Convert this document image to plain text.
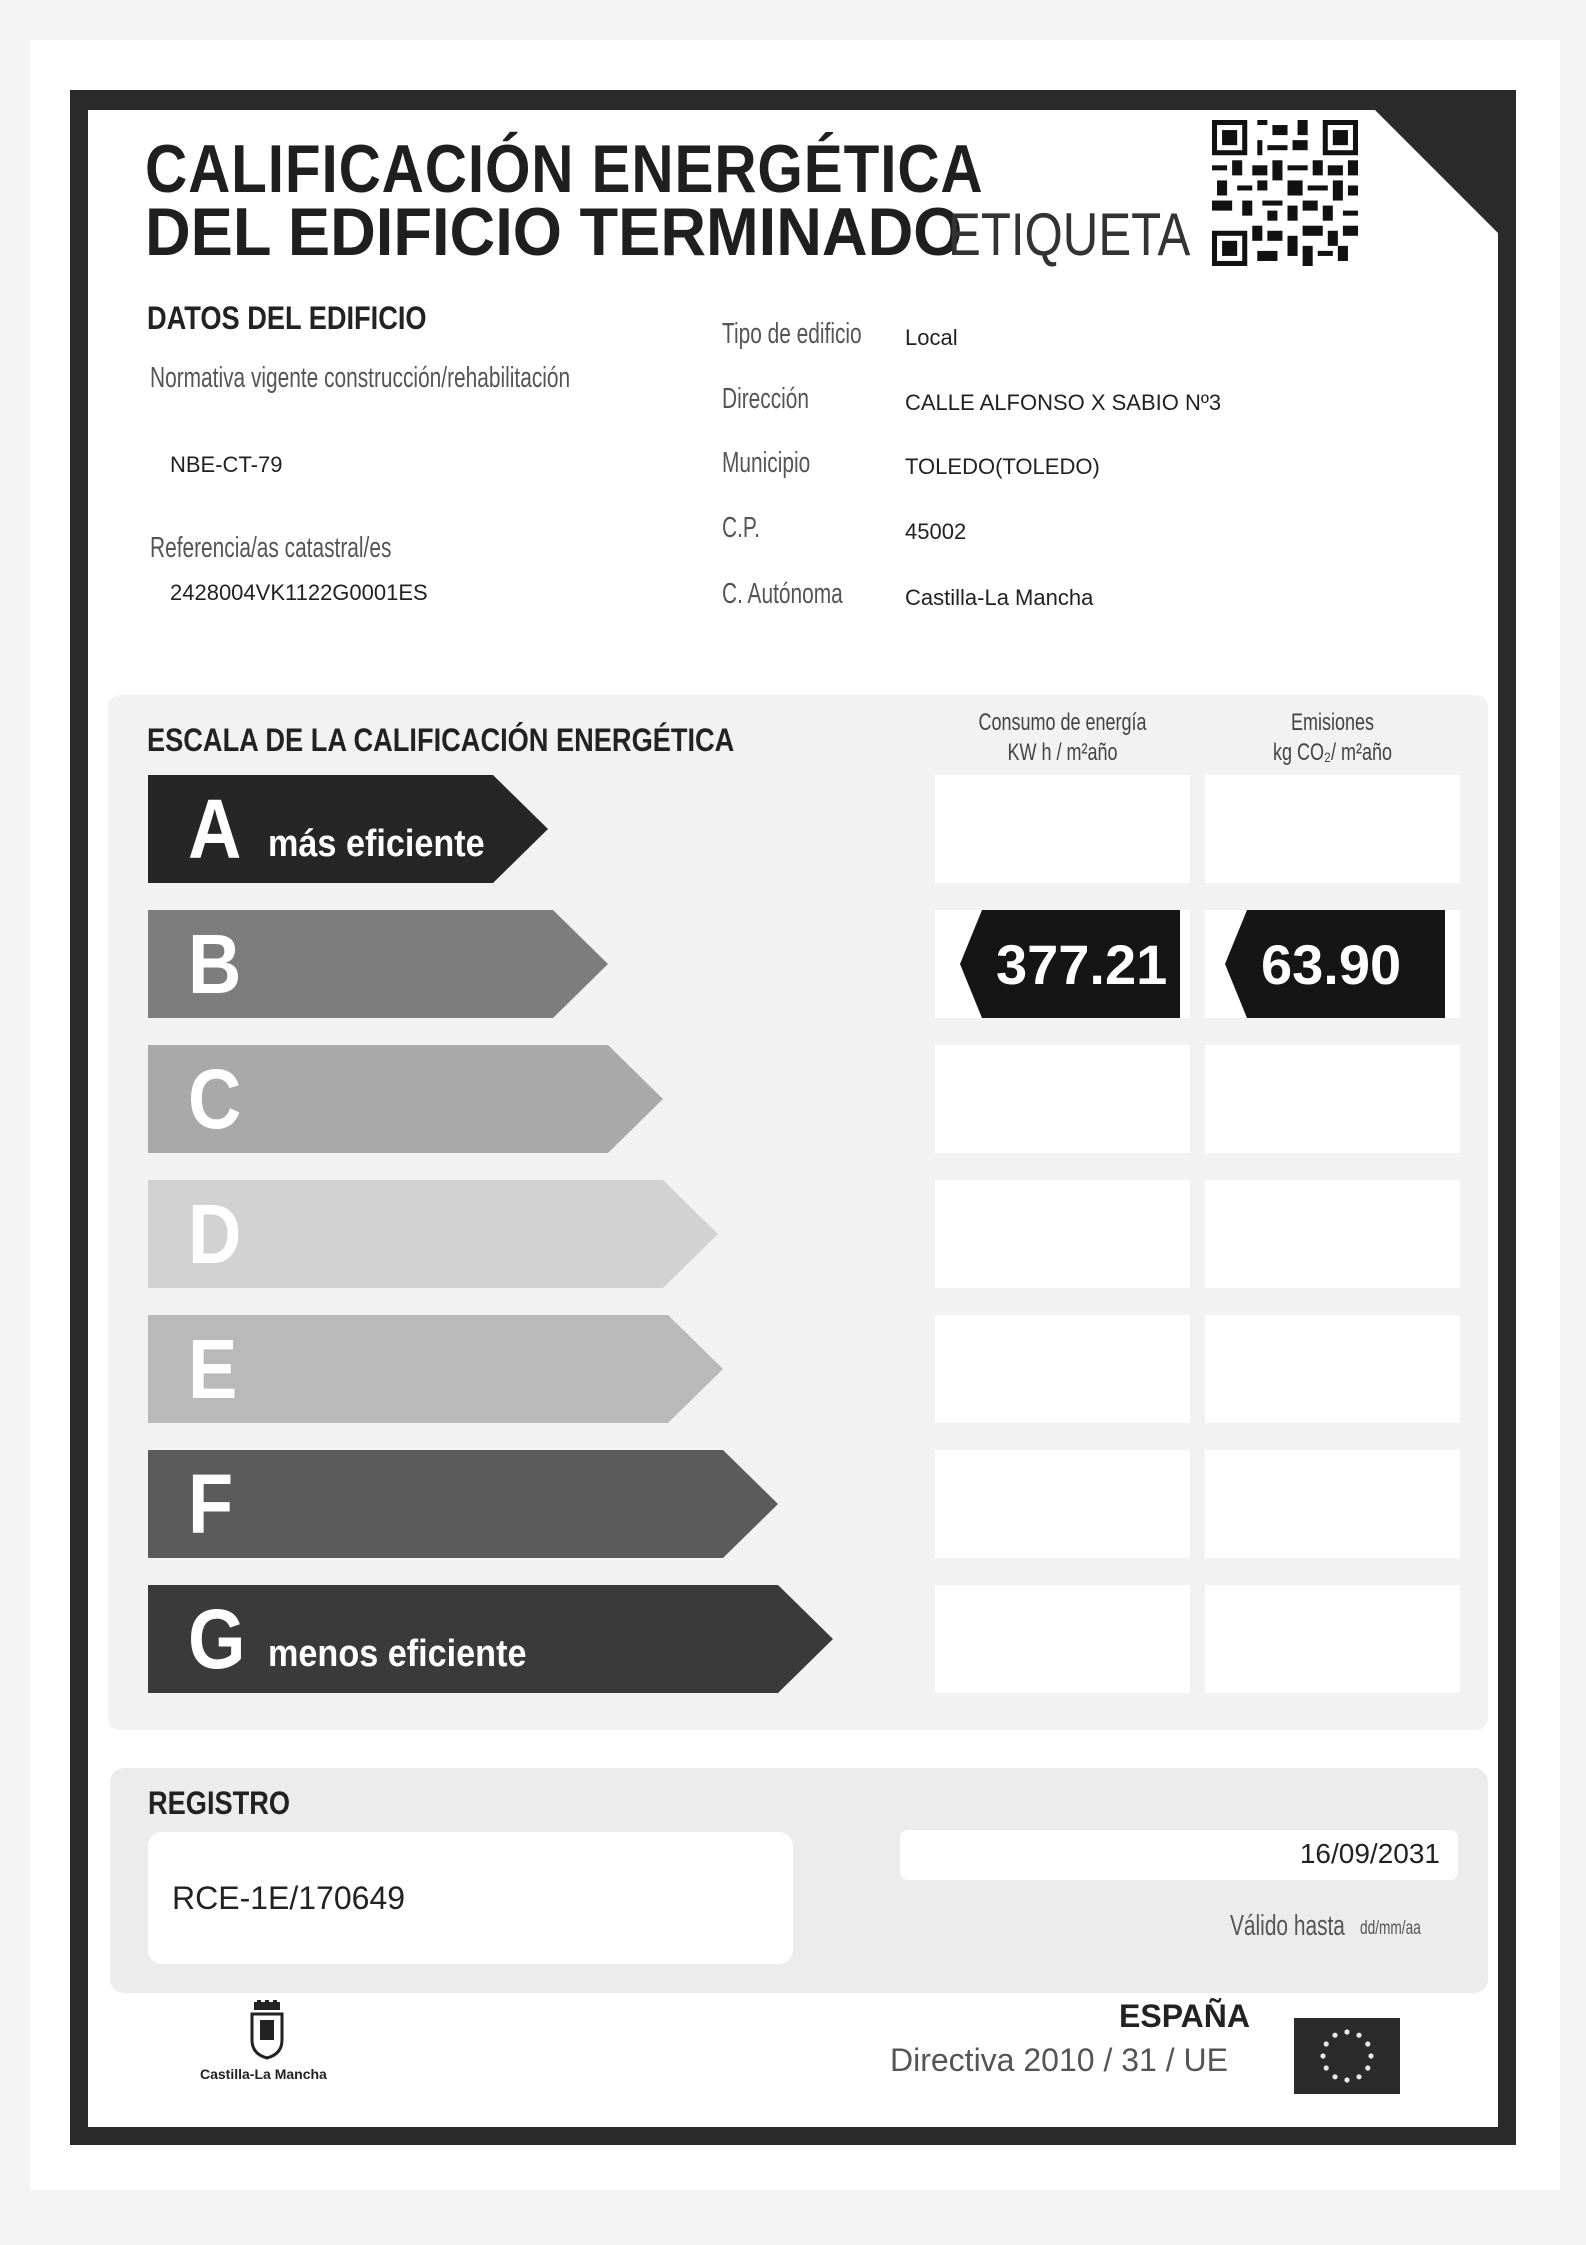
CALIFICACIÓN ENERGÉTICA
DEL EDIFICIO TERMINADO
ETIQUETA
DATOS DEL EDIFICIO
Normativa vigente construcción/rehabilitación
NBE-CT-79
Referencia/as catastral/es
2428004VK1122G0001ES
Tipo de edificio Local
Dirección	CALLE ALFONSO X SABIO Nº3
Municipio	TOLEDO(TOLEDO)
C.P.	45002
C. Autónoma	Castilla-La Mancha
ESCALA DE LA CALIFICACIÓN ENERGÉTICA	Consumo de energía
KW h / m²año
Emisiones
kg CO₂/ m²año
A más eficiente
B
C
D
E
F
G menos eficiente
377.21 63.90
REGISTRO
RCE-1E/170649
16/09/2031
Válido hasta dd/mm/aa
Castilla-La Mancha
ESPAÑA
Directiva 2010 / 31 / UE
